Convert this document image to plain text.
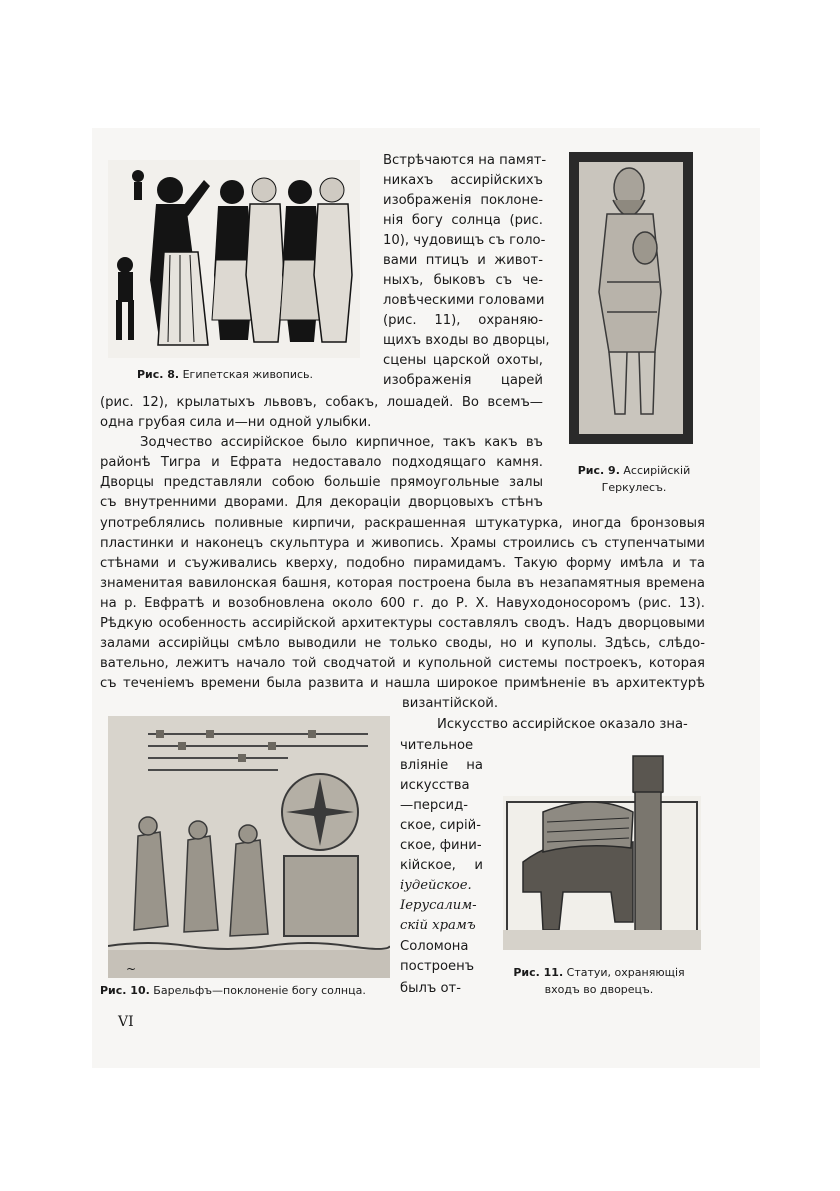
Рис. 8. Египетская живопись.
Рис. 9. Ассирійскій
Геркулесъ.
Встрѣчаются на памят-
никахъ ассирійскихъ
изображенія поклоне-
нія богу солнца (рис.
10), чудовищъ съ голо-
вами птицъ и живот-
ныхъ, быковъ съ че-
ловѣческими головами
(рис. 11), охраняю-
щихъ входы во дворцы,
сцены царской охоты,
изображенія царей
(рис. 12), крылатыхъ львовъ, собакъ, лошадей. Во всемъ—
одна грубая сила и—ни одной улыбки.
Зодчество ассирійское было кирпичное, такъ какъ въ
районѣ Тигра и Ефрата недоставало подходящаго камня.
Дворцы представляли собою большіе прямоугольные залы
съ внутренними дворами. Для декораціи дворцовыхъ стѣнъ
употреблялись поливные кирпичи, раскрашенная штукатурка, иногда бронзовыя
пластинки и наконецъ скульптура и живопись. Храмы строились съ ступенчатыми
стѣнами и съуживались кверху, подобно пирамидамъ. Такую форму имѣла и та
знаменитая вавилонская башня, которая построена была въ незапамятныя времена
на р. Евфратѣ и возобновлена около 600 г. до Р. Х. Навуходоносоромъ (рис. 13).
Рѣдкую особенность ассирійской архитектуры составлялъ сводъ. Надъ дворцовыми
залами ассирійцы смѣло выводили не только своды, но и куполы. Здѣсь, слѣдо-
вательно, лежитъ начало той сводчатой и купольной системы построекъ, которая
съ теченіемъ времени была развита и нашла широкое примѣненіе въ архитектурѣ
византійской.
~
Рис. 10. Барельфъ—поклоненіе богу солнца.
Искусство ассирійское оказало зна-
чительное
вліяніе на
искусства
—персид-
ское, сирій-
ское, фини-
кійское, и
іудейское.
Іерусалим-
скій храмъ
Соломона
построенъ
былъ от-
Рис. 11. Статуи, охраняющія
входъ во дворецъ.
VI
